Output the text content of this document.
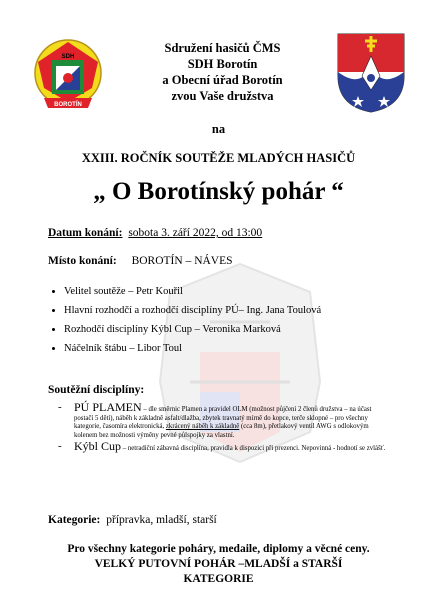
SDH
BOROTÍN
Sdružení hasičů ČMS
SDH Borotín
a Obecní úřad Borotín
zvou Vaše družstva
na
XXIII. ROČNÍK SOUTĚŽE MLADÝCH HASIČŮ
„ O Borotínský pohár “
Datum konání: sobota 3. září 2022, od 13:00
Místo konání: BOROTÍN – NÁVES
• Velitel soutěže – Petr Kouřil
• Hlavní rozhodčí a rozhodčí disciplíny PÚ– Ing. Jana Toulová
• Rozhodčí disciplíny Kýbl Cup – Veronika Marková
• Náčelník štábu – Libor Toul
Soutěžní disciplíny:
- PÚ PLAMEN – dle směrnic Plamen a pravidel OLM (možnost půjčení 2 členů družstva – na účast postačí 5 dětí), náběh k základně asfalt/dlažba, zbytek travnatý mírně do kopce, terče sklopné – pro všechny kategorie, časomíra elektronická, zkrácený náběh k základně (cca 8m), přetlakový ventil AWG s odlokovým kolenem bez možnosti výměny pevné půlspojky za vlastní.
- Kýbl Cup – netradiční zábavná disciplína, pravidla k dispozici při prezenci. Nepovinná - hodnotí se zvlášť.
Kategorie: přípravka, mladší, starší
Pro všechny kategorie poháry, medaile, diplomy a věcné ceny.
VELKÝ PUTOVNÍ POHÁR –MLADŠÍ a STARŠÍ
KATEGORIE
